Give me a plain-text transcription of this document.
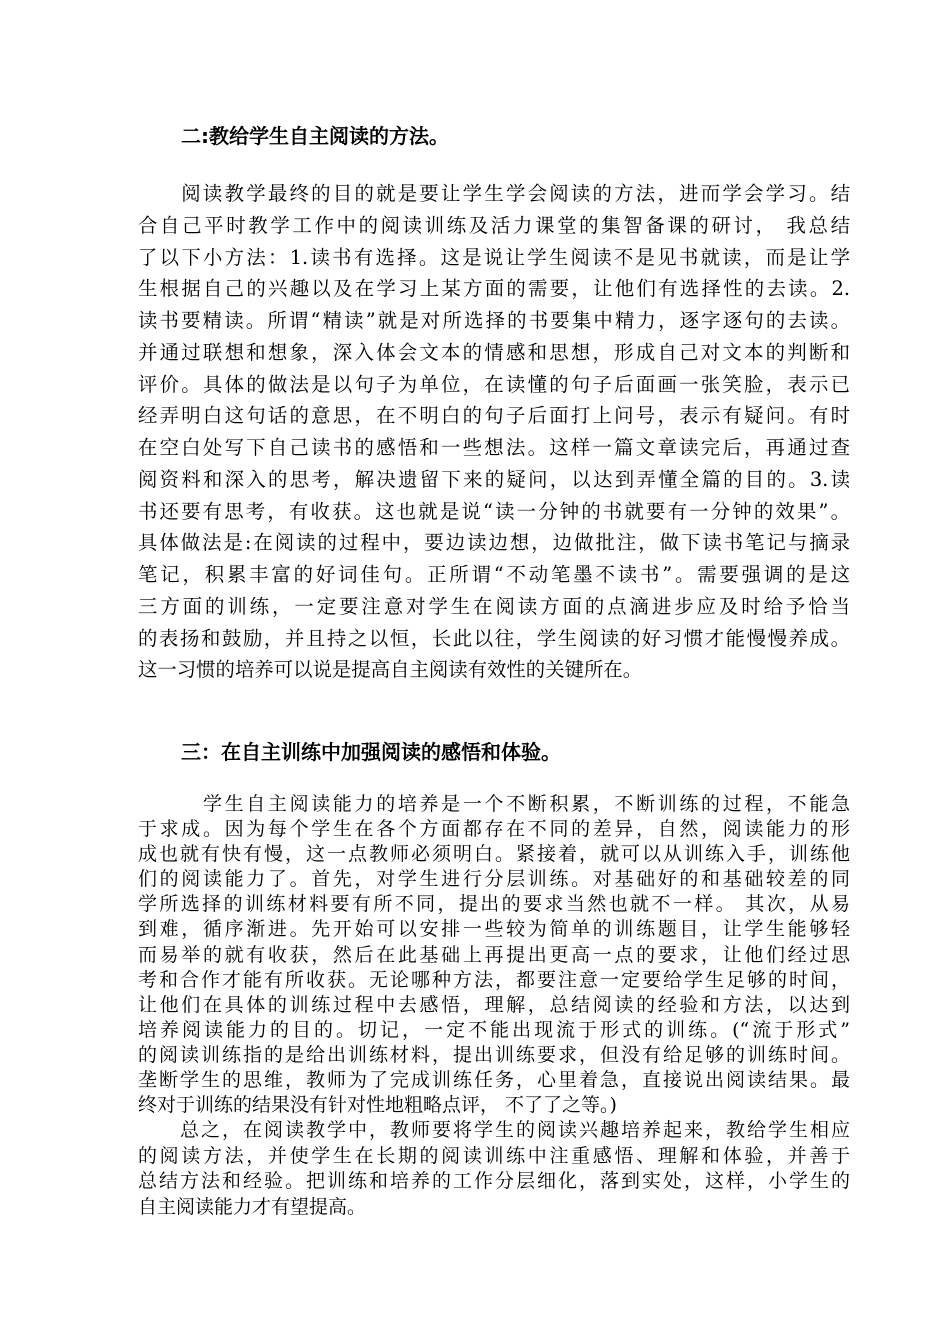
二:教给学生自主阅读的方法。
　　阅读教学最终的目的就是要让学生学会阅读的方法，进而学会学习。结
合自己平时教学工作中的阅读训练及活力课堂的集智备课的研讨， 我总结
了以下小方法：1.读书有选择。这是说让学生阅读不是见书就读，而是让学
生根据自己的兴趣以及在学习上某方面的需要，让他们有选择性的去读。2.
读书要精读。所谓“精读”就是对所选择的书要集中精力，逐字逐句的去读。
并通过联想和想象，深入体会文本的情感和思想，形成自己对文本的判断和
评价。具体的做法是以句子为单位，在读懂的句子后面画一张笑脸，表示已
经弄明白这句话的意思，在不明白的句子后面打上问号，表示有疑问。有时
在空白处写下自己读书的感悟和一些想法。这样一篇文章读完后，再通过查
阅资料和深入的思考，解决遗留下来的疑问，以达到弄懂全篇的目的。3.读
书还要有思考，有收获。这也就是说“读一分钟的书就要有一分钟的效果”。
具体做法是:在阅读的过程中，要边读边想，边做批注，做下读书笔记与摘录
笔记，积累丰富的好词佳句。正所谓“不动笔墨不读书”。需要强调的是这
三方面的训练，一定要注意对学生在阅读方面的点滴进步应及时给予恰当
的表扬和鼓励，并且持之以恒，长此以往，学生阅读的好习惯才能慢慢养成。
这一习惯的培养可以说是提高自主阅读有效性的关键所在。
三：在自主训练中加强阅读的感悟和体验。
　　　学生自主阅读能力的培养是一个不断积累，不断训练的过程，不能急
于求成。因为每个学生在各个方面都存在不同的差异，自然，阅读能力的形
成也就有快有慢，这一点教师必须明白。紧接着，就可以从训练入手，训练他
们的阅读能力了。首先，对学生进行分层训练。对基础好的和基础较差的同
学所选择的训练材料要有所不同，提出的要求当然也就不一样。 其次，从易
到难，循序渐进。先开始可以安排一些较为简单的训练题目，让学生能够轻
而易举的就有收获，然后在此基础上再提出更高一点的要求，让他们经过思
考和合作才能有所收获。无论哪种方法，都要注意一定要给学生足够的时间，
让他们在具体的训练过程中去感悟，理解，总结阅读的经验和方法，以达到
培养阅读能力的目的。切记，一定不能出现流于形式的训练。(“流于形式”
的阅读训练指的是给出训练材料，提出训练要求，但没有给足够的训练时间。
垄断学生的思维，教师为了完成训练任务，心里着急，直接说出阅读结果。最
终对于训练的结果没有针对性地粗略点评， 不了了之等。)
　　总之，在阅读教学中，教师要将学生的阅读兴趣培养起来，教给学生相应
的阅读方法，并使学生在长期的阅读训练中注重感悟、理解和体验，并善于
总结方法和经验。把训练和培养的工作分层细化，落到实处，这样，小学生的
自主阅读能力才有望提高。
